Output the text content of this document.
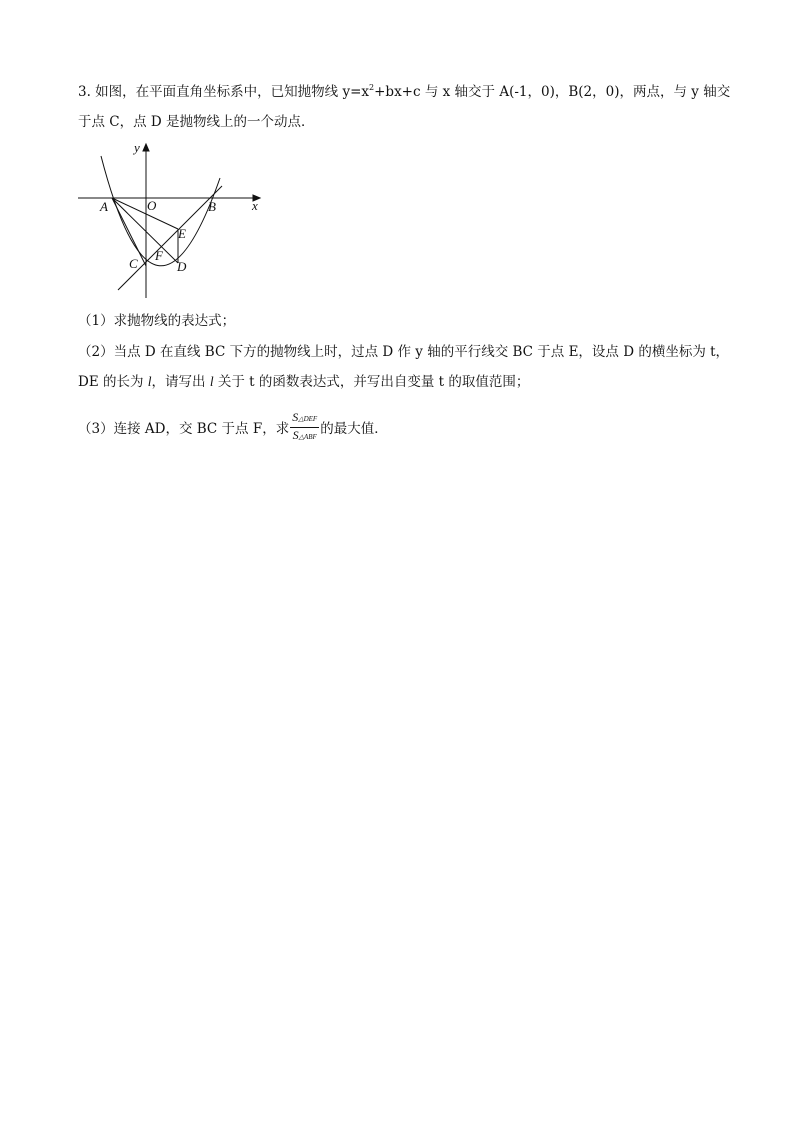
3. 如图，在平面直角坐标系中，已知抛物线 $y=x^2+bx+c$ 与 x 轴交于 A(-1，0)，B(2，0)，两点，与 y 轴交
于点 C，点 D 是抛物线上的一个动点．
y
x
A	O	B
E
C
F
D
（1）求抛物线的表达式；
（2）当点 D 在直线 BC 下方的抛物线上时，过点 D 作 y 轴的平行线交 BC 于点 E，设点 D 的横坐标为 t，
DE 的长为 l，请写出 l 关于 t 的函数表达式，并写出自变量 t 的取值范围；
（3）连接 AD，交 BC 于点 F，求 $\frac{\text{S△DEF}}{\text{S△ABF}}$ 的最大值．
